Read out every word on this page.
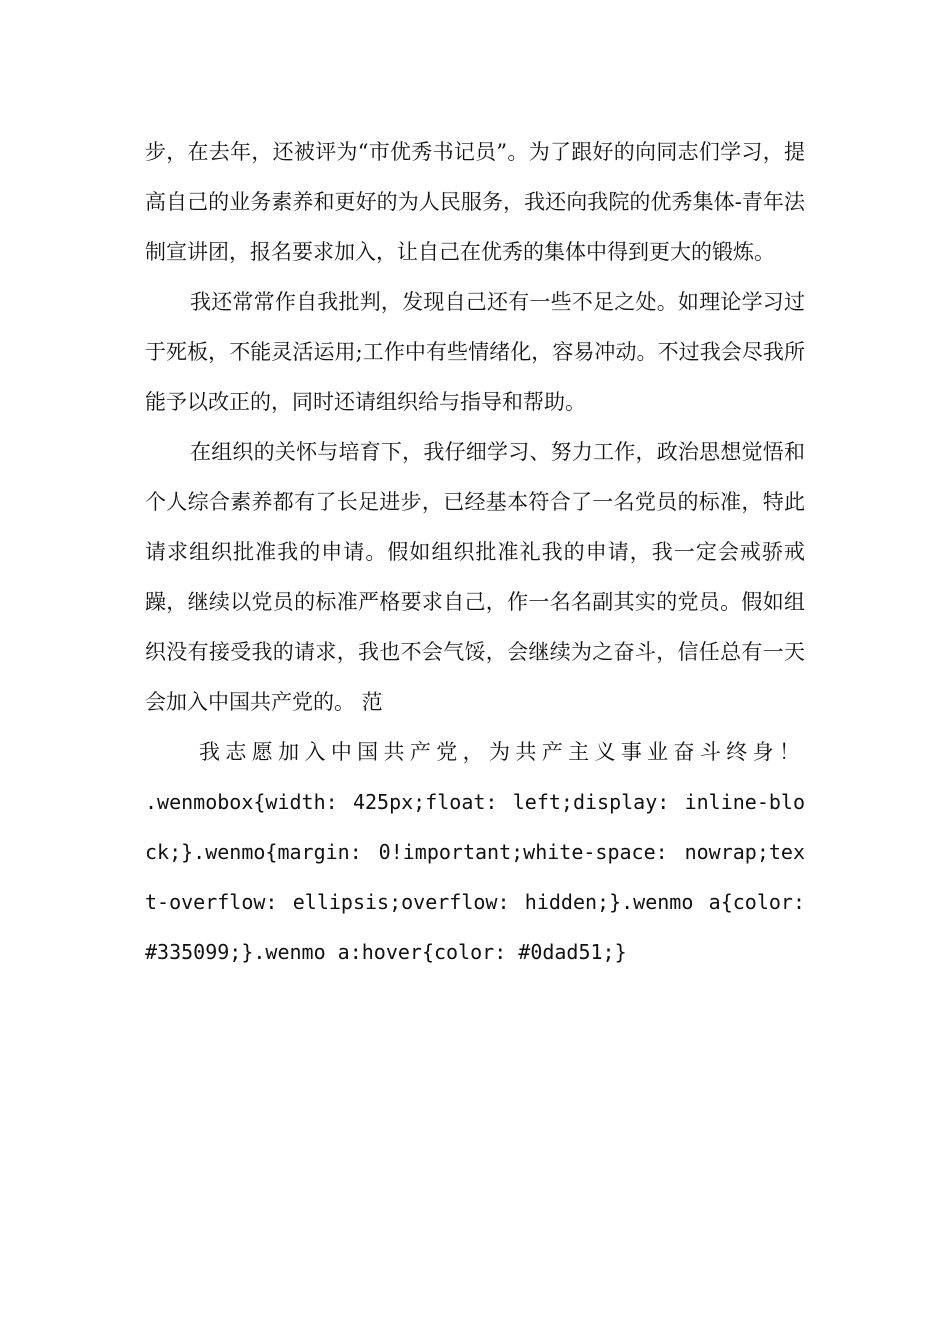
步，在去年，还被评为“市优秀书记员”。为了跟好的向同志们学习，提高自己的业务素养和更好的为人民服务，我还向我院的优秀集体-青年法制宣讲团，报名要求加入，让自己在优秀的集体中得到更大的锻炼。

我还常常作自我批判，发现自己还有一些不足之处。如理论学习过于死板，不能灵活运用;工作中有些情绪化，容易冲动。不过我会尽我所能予以改正的，同时还请组织给与指导和帮助。

在组织的关怀与培育下，我仔细学习、努力工作，政治思想觉悟和个人综合素养都有了长足进步，已经基本符合了一名党员的标准，特此请求组织批准我的申请。假如组织批准礼我的申请，我一定会戒骄戒躁，继续以党员的标准严格要求自己，作一名名副其实的党员。假如组织没有接受我的请求，我也不会气馁，会继续为之奋斗，信任总有一天会加入中国共产党的。 范

我志愿加入中国共产党，为共产主义事业奋斗终身！

.wenmobox{width: 425px;float: left;display: inline-block;}.wenmo{margin: 0!important;white-space: nowrap;text-overflow: ellipsis;overflow: hidden;}.wenmo a{color: #335099;}.wenmo a:hover{color: #0dad51;}
